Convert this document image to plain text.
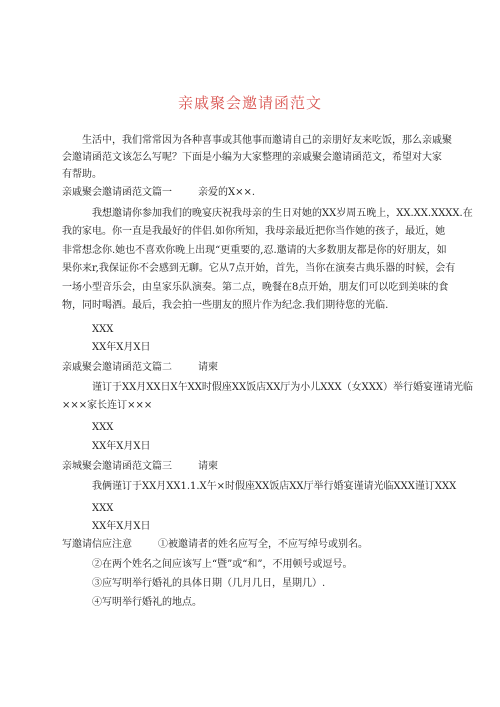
亲戚聚会邀请函范文
生活中，我们常常因为各种喜事或其他事而邀请自己的亲朋好友来吃饭，那么亲戚聚
会邀请函范文该怎么写呢？下面是小编为大家整理的亲戚聚会邀请函范文，希望对大家
有帮助。
亲戚聚会邀请函范文篇一	亲爱的X××.
我想邀请你参加我们的晚宴庆祝我母亲的生日对她的XX岁周五晚上，XX.XX.XXXX.在
我的家电。你一直是我最好的伴侣.如你所知，我母亲最近把你当作她的孩子，最近，她
非常想念你.她也不喜欢你晚上出现“更重要的,忍.邀请的大多数朋友都是你的好朋友，如
果你来r,我保证你不会感到无聊。它从7点开始，首先，当你在演奏古典乐器的时候，会有
一场小型音乐会，由皇家乐队演奏。第二点，晚餐在8点开始，朋友们可以吃到美味的食
物，同时喝酒。最后，我会拍一些朋友的照片作为纪念.我们期待您的光临.
XXX
XX年X月X日
亲戚聚会邀请函范文篇二	请柬
谨订于XX月XX日X午XX时假座XX饭店XX厅为小儿XXX（女XXX）举行婚宴谨请光临
×××家长连订×××
XXX
XX年X月X日
亲城聚会邀请函范文篇三	请柬
我俩谨订于XX月XX1.1.X午×时假座XX饭店XX厅举行婚宴谨请光临XXX谨订XXX
XXX
XX年X月X日
写邀请信应注意	①被邀请者的姓名应写全，不应写绰号或别名。
②在两个姓名之间应该写上“暨”或“和”，不用顿号或逗号。
③应写明举行婚礼的具体日期（几月几日，星期几）.
④写明举行婚礼的地点。
